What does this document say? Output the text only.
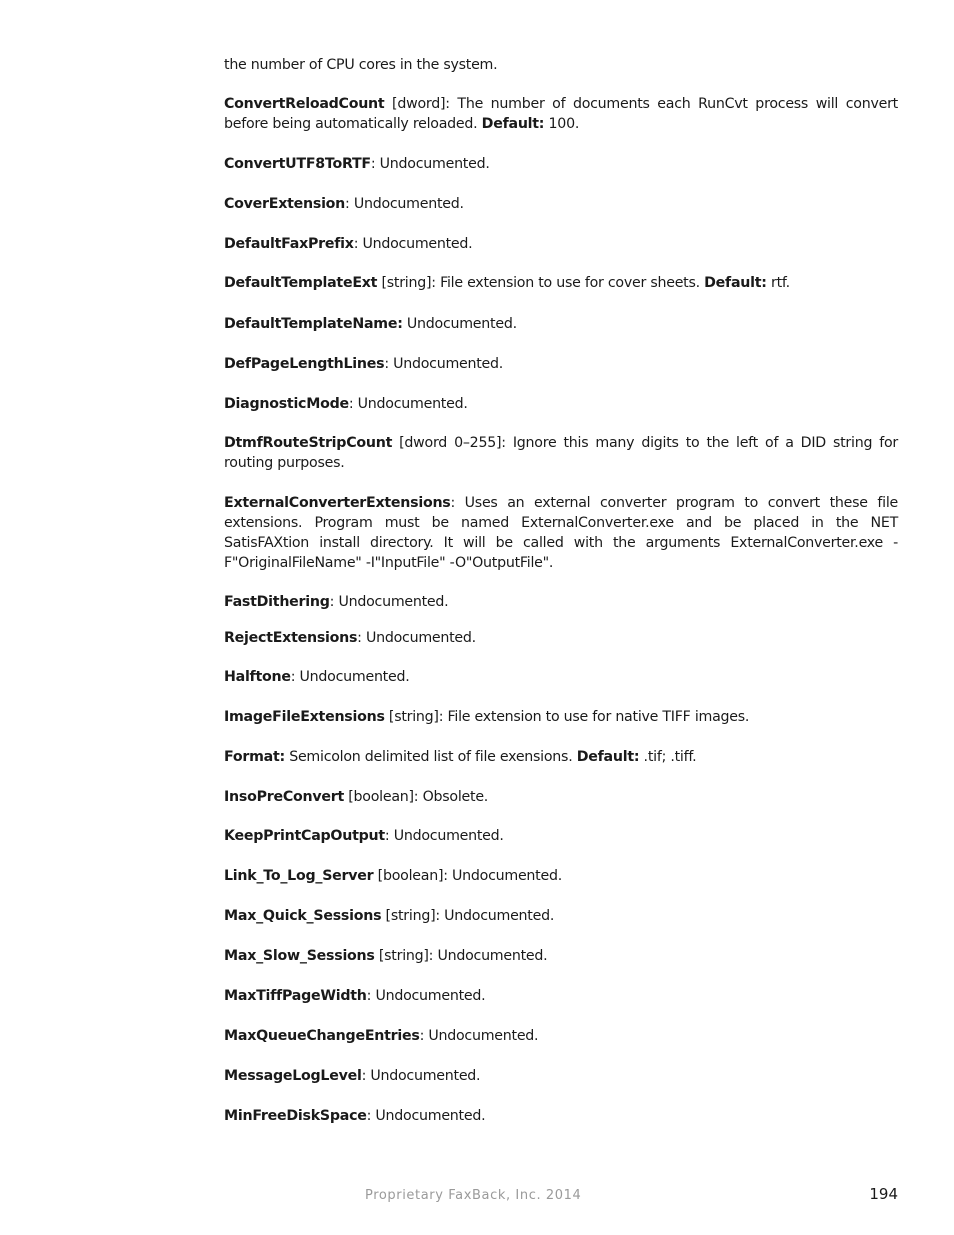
the number of CPU cores in the system.

ConvertReloadCount [dword]: The number of documents each RunCvt process will convert before being automatically reloaded. Default: 100.

ConvertUTF8ToRTF: Undocumented.

CoverExtension: Undocumented.

DefaultFaxPrefix: Undocumented.

DefaultTemplateExt [string]: File extension to use for cover sheets. Default: rtf.

DefaultTemplateName: Undocumented.

DefPageLengthLines: Undocumented.

DiagnosticMode: Undocumented.

DtmfRouteStripCount [dword 0–255]: Ignore this many digits to the left of a DID string for routing purposes.

ExternalConverterExtensions: Uses an external converter program to convert these file extensions. Program must be named ExternalConverter.exe and be placed in the NET SatisFAXtion install directory. It will be called with the arguments ExternalConverter.exe -F"OriginalFileName" -I"InputFile" -O"OutputFile".

FastDithering: Undocumented.

RejectExtensions: Undocumented.

Halftone: Undocumented.

ImageFileExtensions [string]: File extension to use for native TIFF images.

Format: Semicolon delimited list of file exensions. Default: .tif; .tiff.

InsoPreConvert [boolean]: Obsolete.

KeepPrintCapOutput: Undocumented.

Link_To_Log_Server [boolean]: Undocumented.

Max_Quick_Sessions [string]: Undocumented.

Max_Slow_Sessions [string]: Undocumented.

MaxTiffPageWidth: Undocumented.

MaxQueueChangeEntries: Undocumented.

MessageLogLevel: Undocumented.

MinFreeDiskSpace: Undocumented.

Proprietary FaxBack, Inc. 2014	194
